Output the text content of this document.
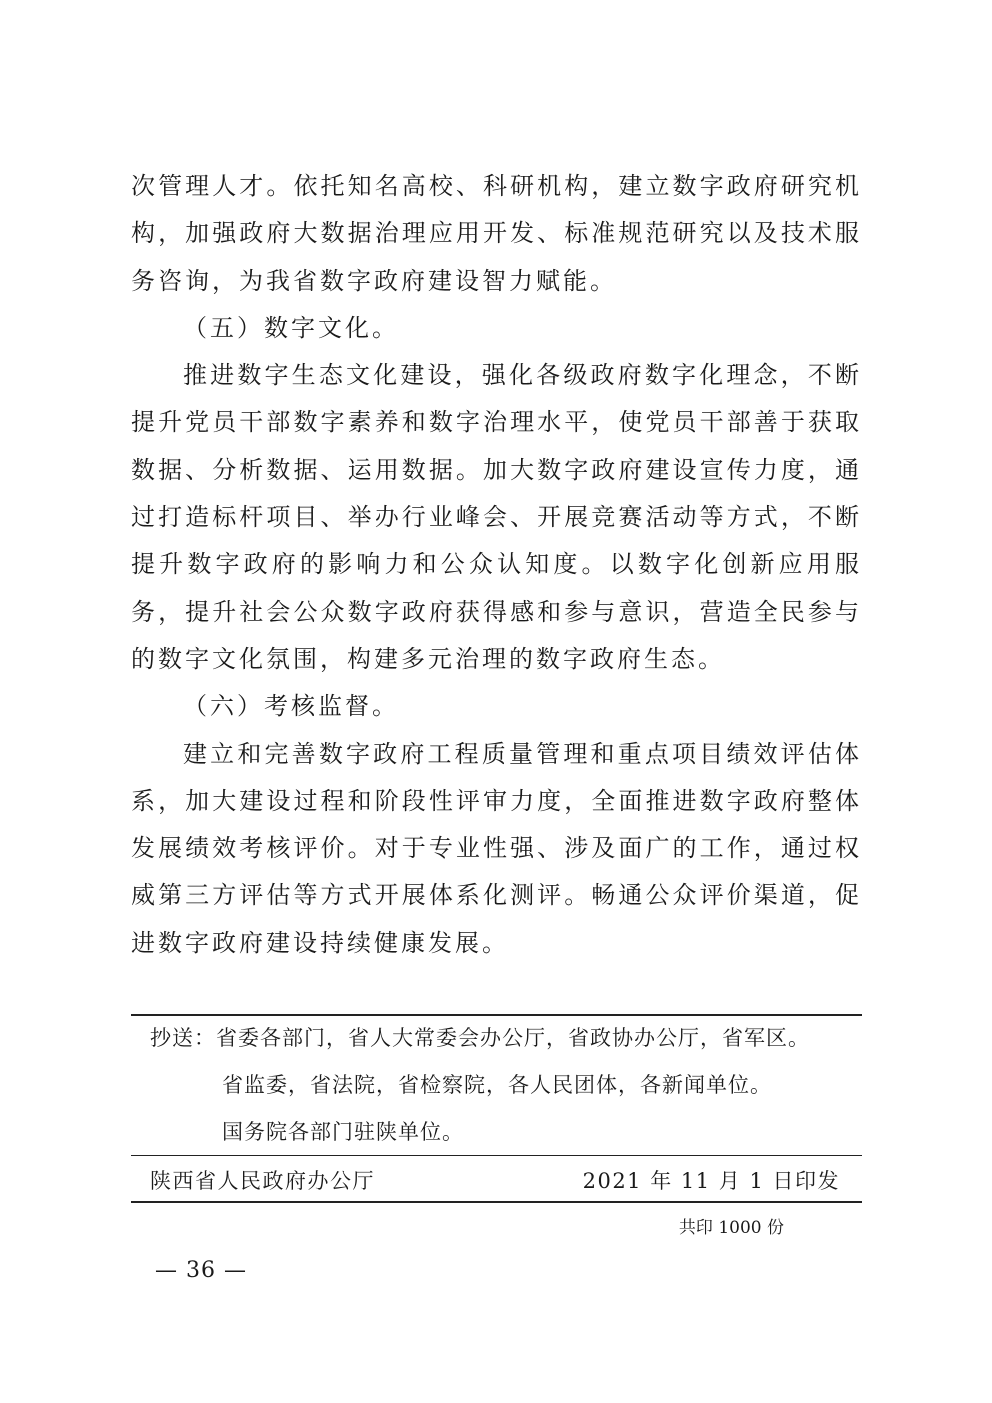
次管理人才。依托知名高校、科研机构，建立数字政府研究机构，加强政府大数据治理应用开发、标准规范研究以及技术服务咨询，为我省数字政府建设智力赋能。

（五）数字文化。

推进数字生态文化建设，强化各级政府数字化理念，不断提升党员干部数字素养和数字治理水平，使党员干部善于获取数据、分析数据、运用数据。加大数字政府建设宣传力度，通过打造标杆项目、举办行业峰会、开展竞赛活动等方式，不断提升数字政府的影响力和公众认知度。以数字化创新应用服务，提升社会公众数字政府获得感和参与意识，营造全民参与的数字文化氛围，构建多元治理的数字政府生态。

（六）考核监督。

建立和完善数字政府工程质量管理和重点项目绩效评估体系，加大建设过程和阶段性评审力度，全面推进数字政府整体发展绩效考核评价。对于专业性强、涉及面广的工作，通过权威第三方评估等方式开展体系化测评。畅通公众评价渠道，促进数字政府建设持续健康发展。

抄送：省委各部门，省人大常委会办公厅，省政协办公厅，省军区。
省监委，省法院，省检察院，各人民团体，各新闻单位。
国务院各部门驻陕单位。
陕西省人民政府办公厅	2021 年 11 月 1 日印发
共印 1000 份
— 36 —
